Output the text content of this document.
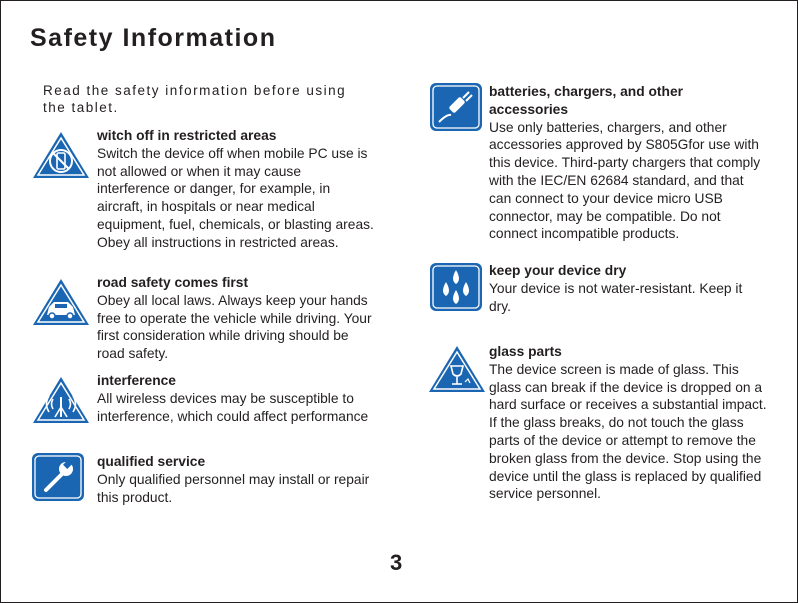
Safety Information
Read the safety information before using the tablet.
witch off in restricted areas
Switch the device off when mobile PC use is not allowed or when it may cause interference or danger, for example, in aircraft, in hospitals or near medical equipment, fuel, chemicals, or blasting areas. Obey all instructions in restricted areas.
road safety comes first
Obey all local laws. Always keep your hands free to operate the vehicle while driving. Your first consideration while driving should be road safety.
interference
All wireless devices may be susceptible to interference, which could affect performance
qualified service
Only qualified personnel may install or repair this product.
batteries, chargers, and other accessories
Use only batteries, chargers, and other accessories approved by S805Gfor use with this device. Third-party chargers that comply with the IEC/EN 62684 standard, and that can connect to your device micro USB connector, may be compatible. Do not connect incompatible products.
keep your device dry
Your device is not water-resistant. Keep it dry.
glass parts
The device screen is made of glass. This glass can break if the device is dropped on a hard surface or receives a substantial impact. If the glass breaks, do not touch the glass parts of the device or attempt to remove the broken glass from the device. Stop using the device until the glass is replaced by qualified service personnel.
3
